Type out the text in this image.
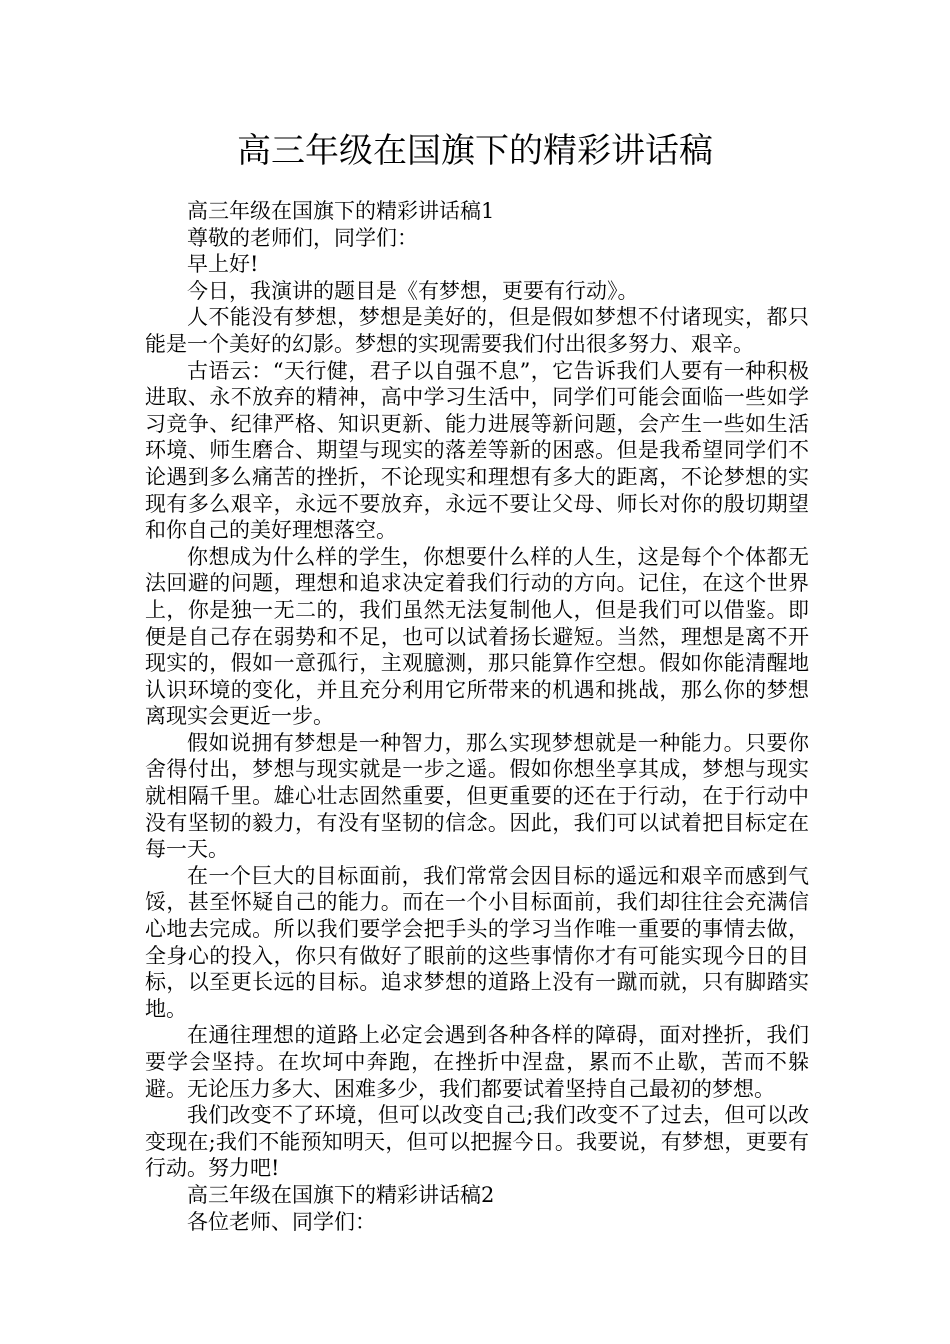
高三年级在国旗下的精彩讲话稿

高三年级在国旗下的精彩讲话稿1

尊敬的老师们，同学们：

早上好!

今日，我演讲的题目是《有梦想，更要有行动》。

人不能没有梦想，梦想是美好的，但是假如梦想不付诸现实，都只能是一个美好的幻影。梦想的实现需要我们付出很多努力、艰辛。

古语云：“天行健，君子以自强不息”，它告诉我们人要有一种积极进取、永不放弃的精神，高中学习生活中，同学们可能会面临一些如学习竞争、纪律严格、知识更新、能力进展等新问题，会产生一些如生活环境、师生磨合、期望与现实的落差等新的困惑。但是我希望同学们不论遇到多么痛苦的挫折，不论现实和理想有多大的距离，不论梦想的实现有多么艰辛，永远不要放弃，永远不要让父母、师长对你的殷切期望和你自己的美好理想落空。

你想成为什么样的学生，你想要什么样的人生，这是每个个体都无法回避的问题，理想和追求决定着我们行动的方向。记住，在这个世界上，你是独一无二的，我们虽然无法复制他人，但是我们可以借鉴。即便是自己存在弱势和不足，也可以试着扬长避短。当然，理想是离不开现实的，假如一意孤行，主观臆测，那只能算作空想。假如你能清醒地认识环境的变化，并且充分利用它所带来的机遇和挑战，那么你的梦想离现实会更近一步。

假如说拥有梦想是一种智力，那么实现梦想就是一种能力。只要你舍得付出，梦想与现实就是一步之遥。假如你想坐享其成，梦想与现实就相隔千里。雄心壮志固然重要，但更重要的还在于行动，在于行动中没有坚韧的毅力，有没有坚韧的信念。因此，我们可以试着把目标定在每一天。

在一个巨大的目标面前，我们常常会因目标的遥远和艰辛而感到气馁，甚至怀疑自己的能力。而在一个小目标面前，我们却往往会充满信心地去完成。所以我们要学会把手头的学习当作唯一重要的事情去做，全身心的投入，你只有做好了眼前的这些事情你才有可能实现今日的目标，以至更长远的目标。追求梦想的道路上没有一蹴而就，只有脚踏实地。

在通往理想的道路上必定会遇到各种各样的障碍，面对挫折，我们要学会坚持。在坎坷中奔跑，在挫折中涅盘，累而不止歇，苦而不躲避。无论压力多大、困难多少，我们都要试着坚持自己最初的梦想。

我们改变不了环境，但可以改变自己;我们改变不了过去，但可以改变现在;我们不能预知明天，但可以把握今日。我要说，有梦想，更要有行动。努力吧!

高三年级在国旗下的精彩讲话稿2

各位老师、同学们：
